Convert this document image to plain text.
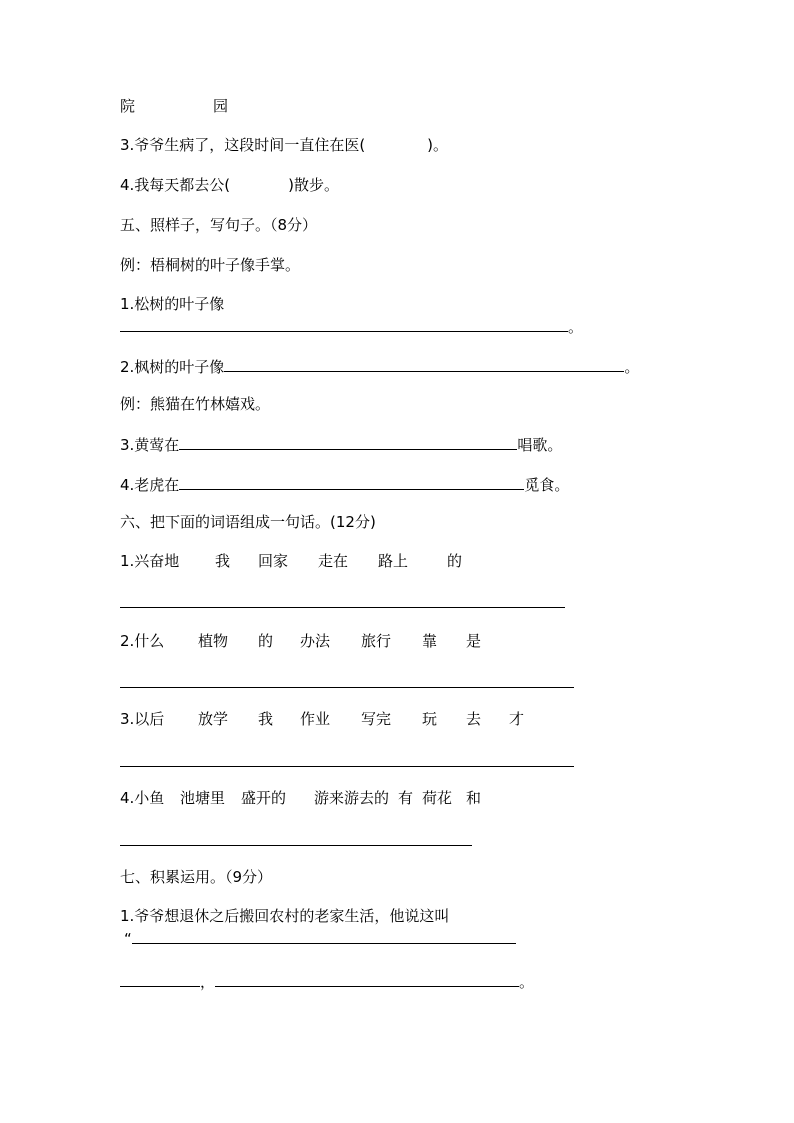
院	园
3.爷爷生病了，这段时间一直住在医(	)。
4.我每天都去公(	)散步。
五、照样子，写句子。（8分）
例：梧桐树的叶子像手掌。
1.松树的叶子像
。
2.枫树的叶子像	。
例：熊猫在竹林嬉戏。
3.黄莺在	唱歌。
4.老虎在	觅食。
六、把下面的词语组成一句话。(12分)
1.兴奋地 我 回家 走在 路上	的
2.什么 植物 的 办法 旅行 靠 是
3.以后 放学 我 作业 写完 玩 去 才
4.小鱼 池塘里 盛开的 游来游去的 有 荷花 和
七、积累运用。（9分）
1.爷爷想退休之后搬回农村的老家生活，他说这叫
“
，	。
